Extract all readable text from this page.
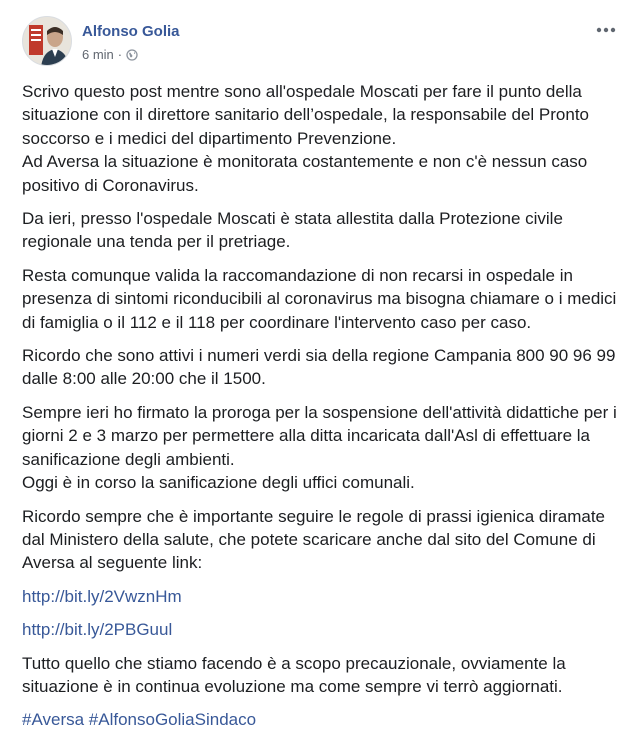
Alfonso Golia
6 min ·

Scrivo questo post mentre sono all'ospedale Moscati per fare il punto della situazione con il direttore sanitario dell’ospedale, la responsabile del Pronto soccorso e i medici del dipartimento Prevenzione.
Ad Aversa la situazione è monitorata costantemente e non c'è nessun caso positivo di Coronavirus.

Da ieri, presso l'ospedale Moscati è stata allestita dalla Protezione civile regionale una tenda per il pretriage.

Resta comunque valida la raccomandazione di non recarsi in ospedale in presenza di sintomi riconducibili al coronavirus ma bisogna chiamare o i medici di famiglia o il 112 e il 118 per coordinare l'intervento caso per caso.

Ricordo che sono attivi i numeri verdi sia della regione Campania 800 90 96 99 dalle 8:00 alle 20:00 che il 1500.

Sempre ieri ho firmato la proroga per la sospensione dell'attività didattiche per i giorni 2 e 3 marzo per permettere alla ditta incaricata dall'Asl di effettuare la sanificazione degli ambienti.
Oggi è in corso la sanificazione degli uffici comunali.

Ricordo sempre che è importante seguire le regole di prassi igienica diramate dal Ministero della salute, che potete scaricare anche dal sito del Comune di Aversa al seguente link:

http://bit.ly/2VwznHm

http://bit.ly/2PBGuul

Tutto quello che stiamo facendo è a scopo precauzionale, ovviamente la situazione è in continua evoluzione ma come sempre vi terrò aggiornati.

#Aversa #AlfonsoGoliaSindaco
